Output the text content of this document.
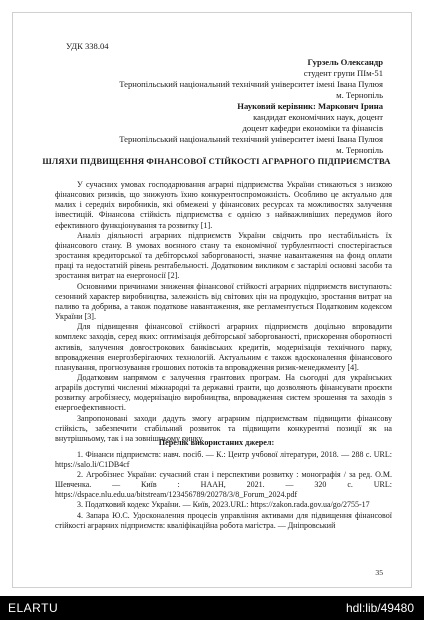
УДК 338.04
Гурзель Олександр
студент групи ПІм-51
Тернопільський національний технічний університет імені Івана Пулюя
м. Тернопіль
Науковий керівник: Маркович Ірина
кандидат економічних наук, доцент
доцент кафедри економіки та фінансів
Тернопільський національний технічний університет імені Івана Пулюя
м. Тернопіль
ШЛЯХИ ПІДВИЩЕННЯ ФІНАНСОВОЇ СТІЙКОСТІ АГРАРНОГО ПІДПРИЄМСТВА

У сучасних умовах господарювання аграрні підприємства України стикаються з низкою фінансових ризиків, що знижують їхню конкурентоспроможність. Особливо це актуально для малих і середніх виробників, які обмежені у фінансових ресурсах та можливостях залучення інвестицій. Фінансова стійкість підприємства є однією з найважливіших передумов його ефективного функціонування та розвитку [1].

Аналіз діяльності аграрних підприємств України свідчить про нестабільність їх фінансового стану. В умовах воєнного стану та економічної турбулентності спостерігається зростання кредиторської та дебіторської заборгованості, значне навантаження на фонд оплати праці та недостатній рівень рентабельності. Додатковим викликом є застарілі основні засоби та зростання витрат на енергоносії [2].

Основними причинами зниження фінансової стійкості аграрних підприємств виступають: сезонний характер виробництва, залежність від світових цін на продукцію, зростання витрат на паливо та добрива, а також податкове навантаження, яке регламентується Податковим кодексом України [3].

Для підвищення фінансової стійкості аграрних підприємств доцільно впровадити комплекс заходів, серед яких: оптимізація дебіторської заборгованості, прискорення оборотності активів, залучення довгострокових банківських кредитів, модернізація технічного парку, впровадження енергозберігаючих технологій. Актуальним є також вдосконалення фінансового планування, прогнозування грошових потоків та впровадження ризик-менеджменту [4].

Додатковим напрямом є залучення грантових програм. На сьогодні для українських аграріїв доступні численні міжнародні та державні гранти, що дозволяють фінансувати проєкти розвитку агробізнесу, модернізацію виробництва, впровадження систем зрошення та заходів з енергоефективності.

Запропоновані заходи дадуть змогу аграрним підприємствам підвищити фінансову стійкість, забезпечити стабільний розвиток та підвищити конкурентні позиції як на внутрішньому, так і на зовнішньому ринку.

Перелік використаних джерел:

1. Фінанси підприємств: навч. посіб. — К.: Центр учбової літератури, 2018. — 288 с. URL: https://salo.li/C1DB4cf

2. Агробізнес України: сучасний стан і перспективи розвитку : монографія / за ред. О.М. Шевченка. — Київ : НААН, 2021. — 320 с. URL: https://dspace.nlu.edu.ua/bitstream/123456789/20278/3/8_Forum_2024.pdf

3. Податковий кодекс України. — Київ, 2023.URL: https://zakon.rada.gov.ua/go/2755-17

4. Запара Ю.С. Удосконалення процесів управління активами для підвищення фінансової стійкості аграрних підприємств: кваліфікаційна робота магістра. — Дніпровський

35
ELARTU	hdl:lib/49480
